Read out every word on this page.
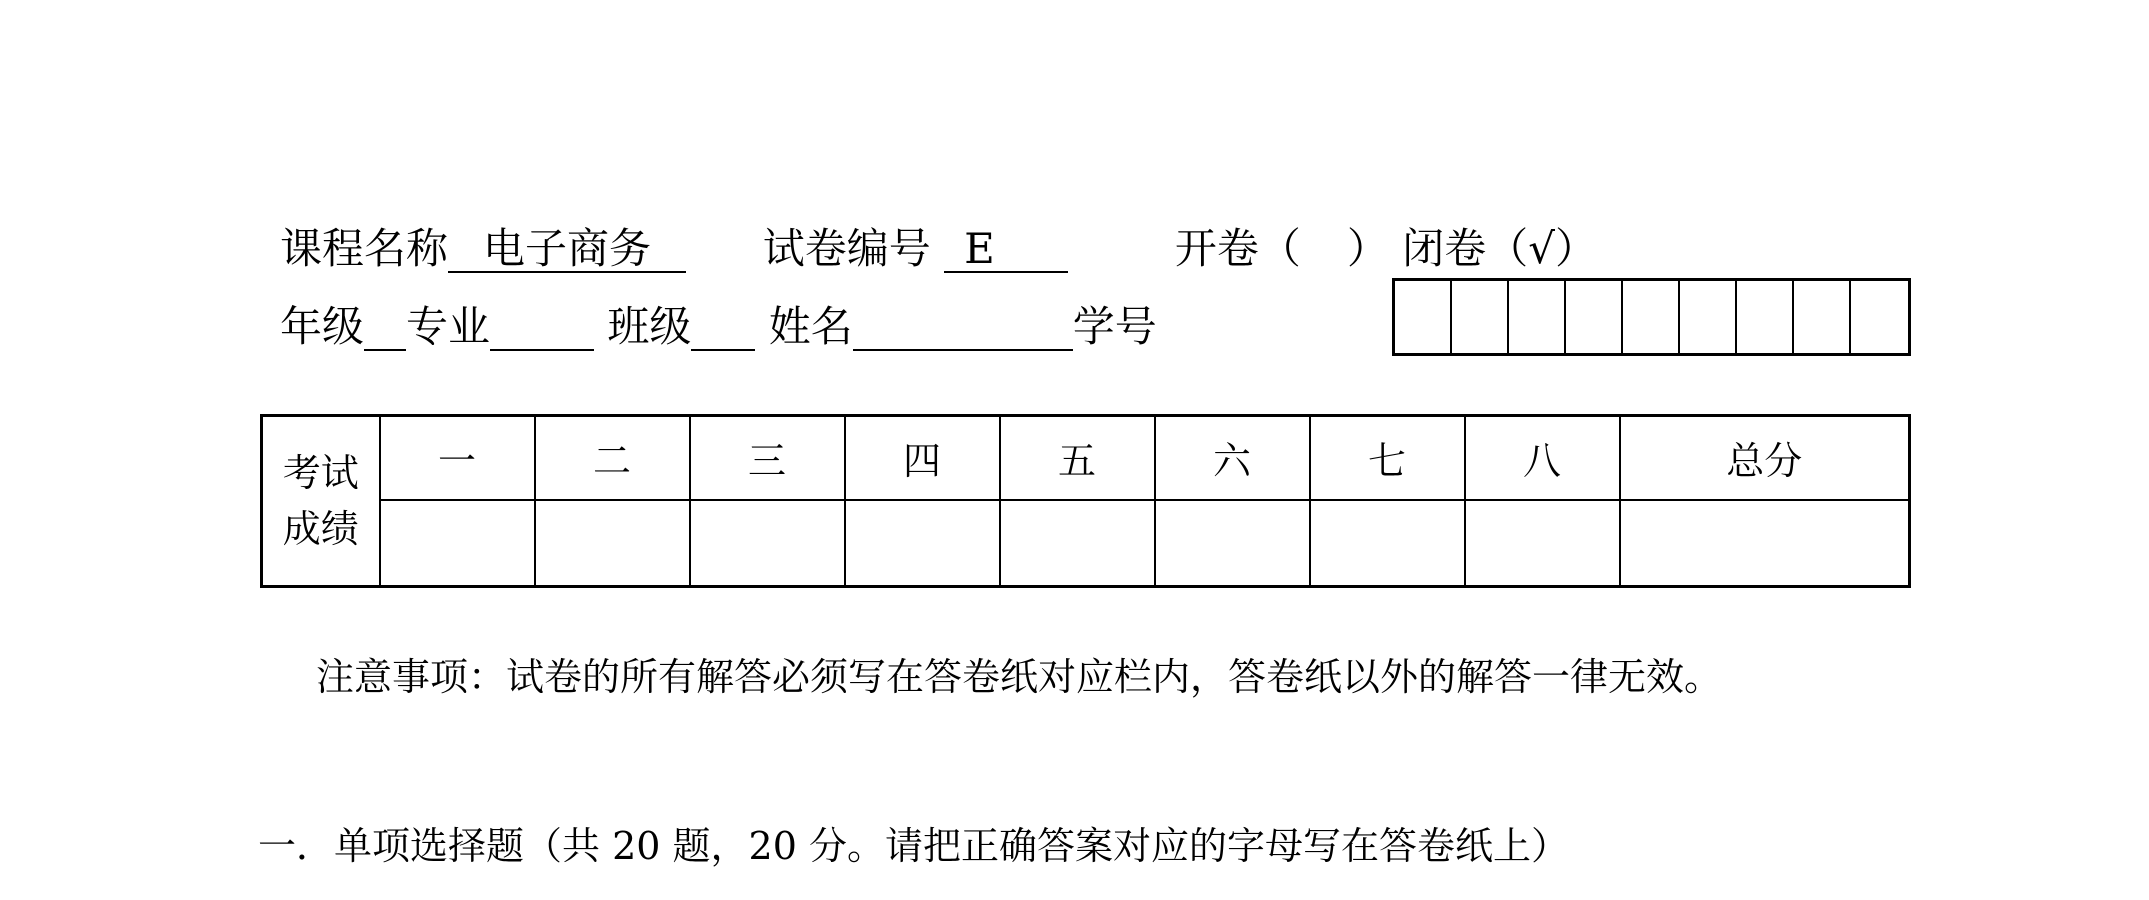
课程名称 电子商务	试卷编号 E	开卷（ ） 闭卷（√）
年级 专业	班级 姓名	学号
考试
成绩	一	二	三	四	五	六	七	八	总分

注意事项：试卷的所有解答必须写在答卷纸对应栏内，答卷纸以外的解答一律无效。
一．单项选择题（共 20 题，20 分。请把正确答案对应的字母写在答卷纸上）
